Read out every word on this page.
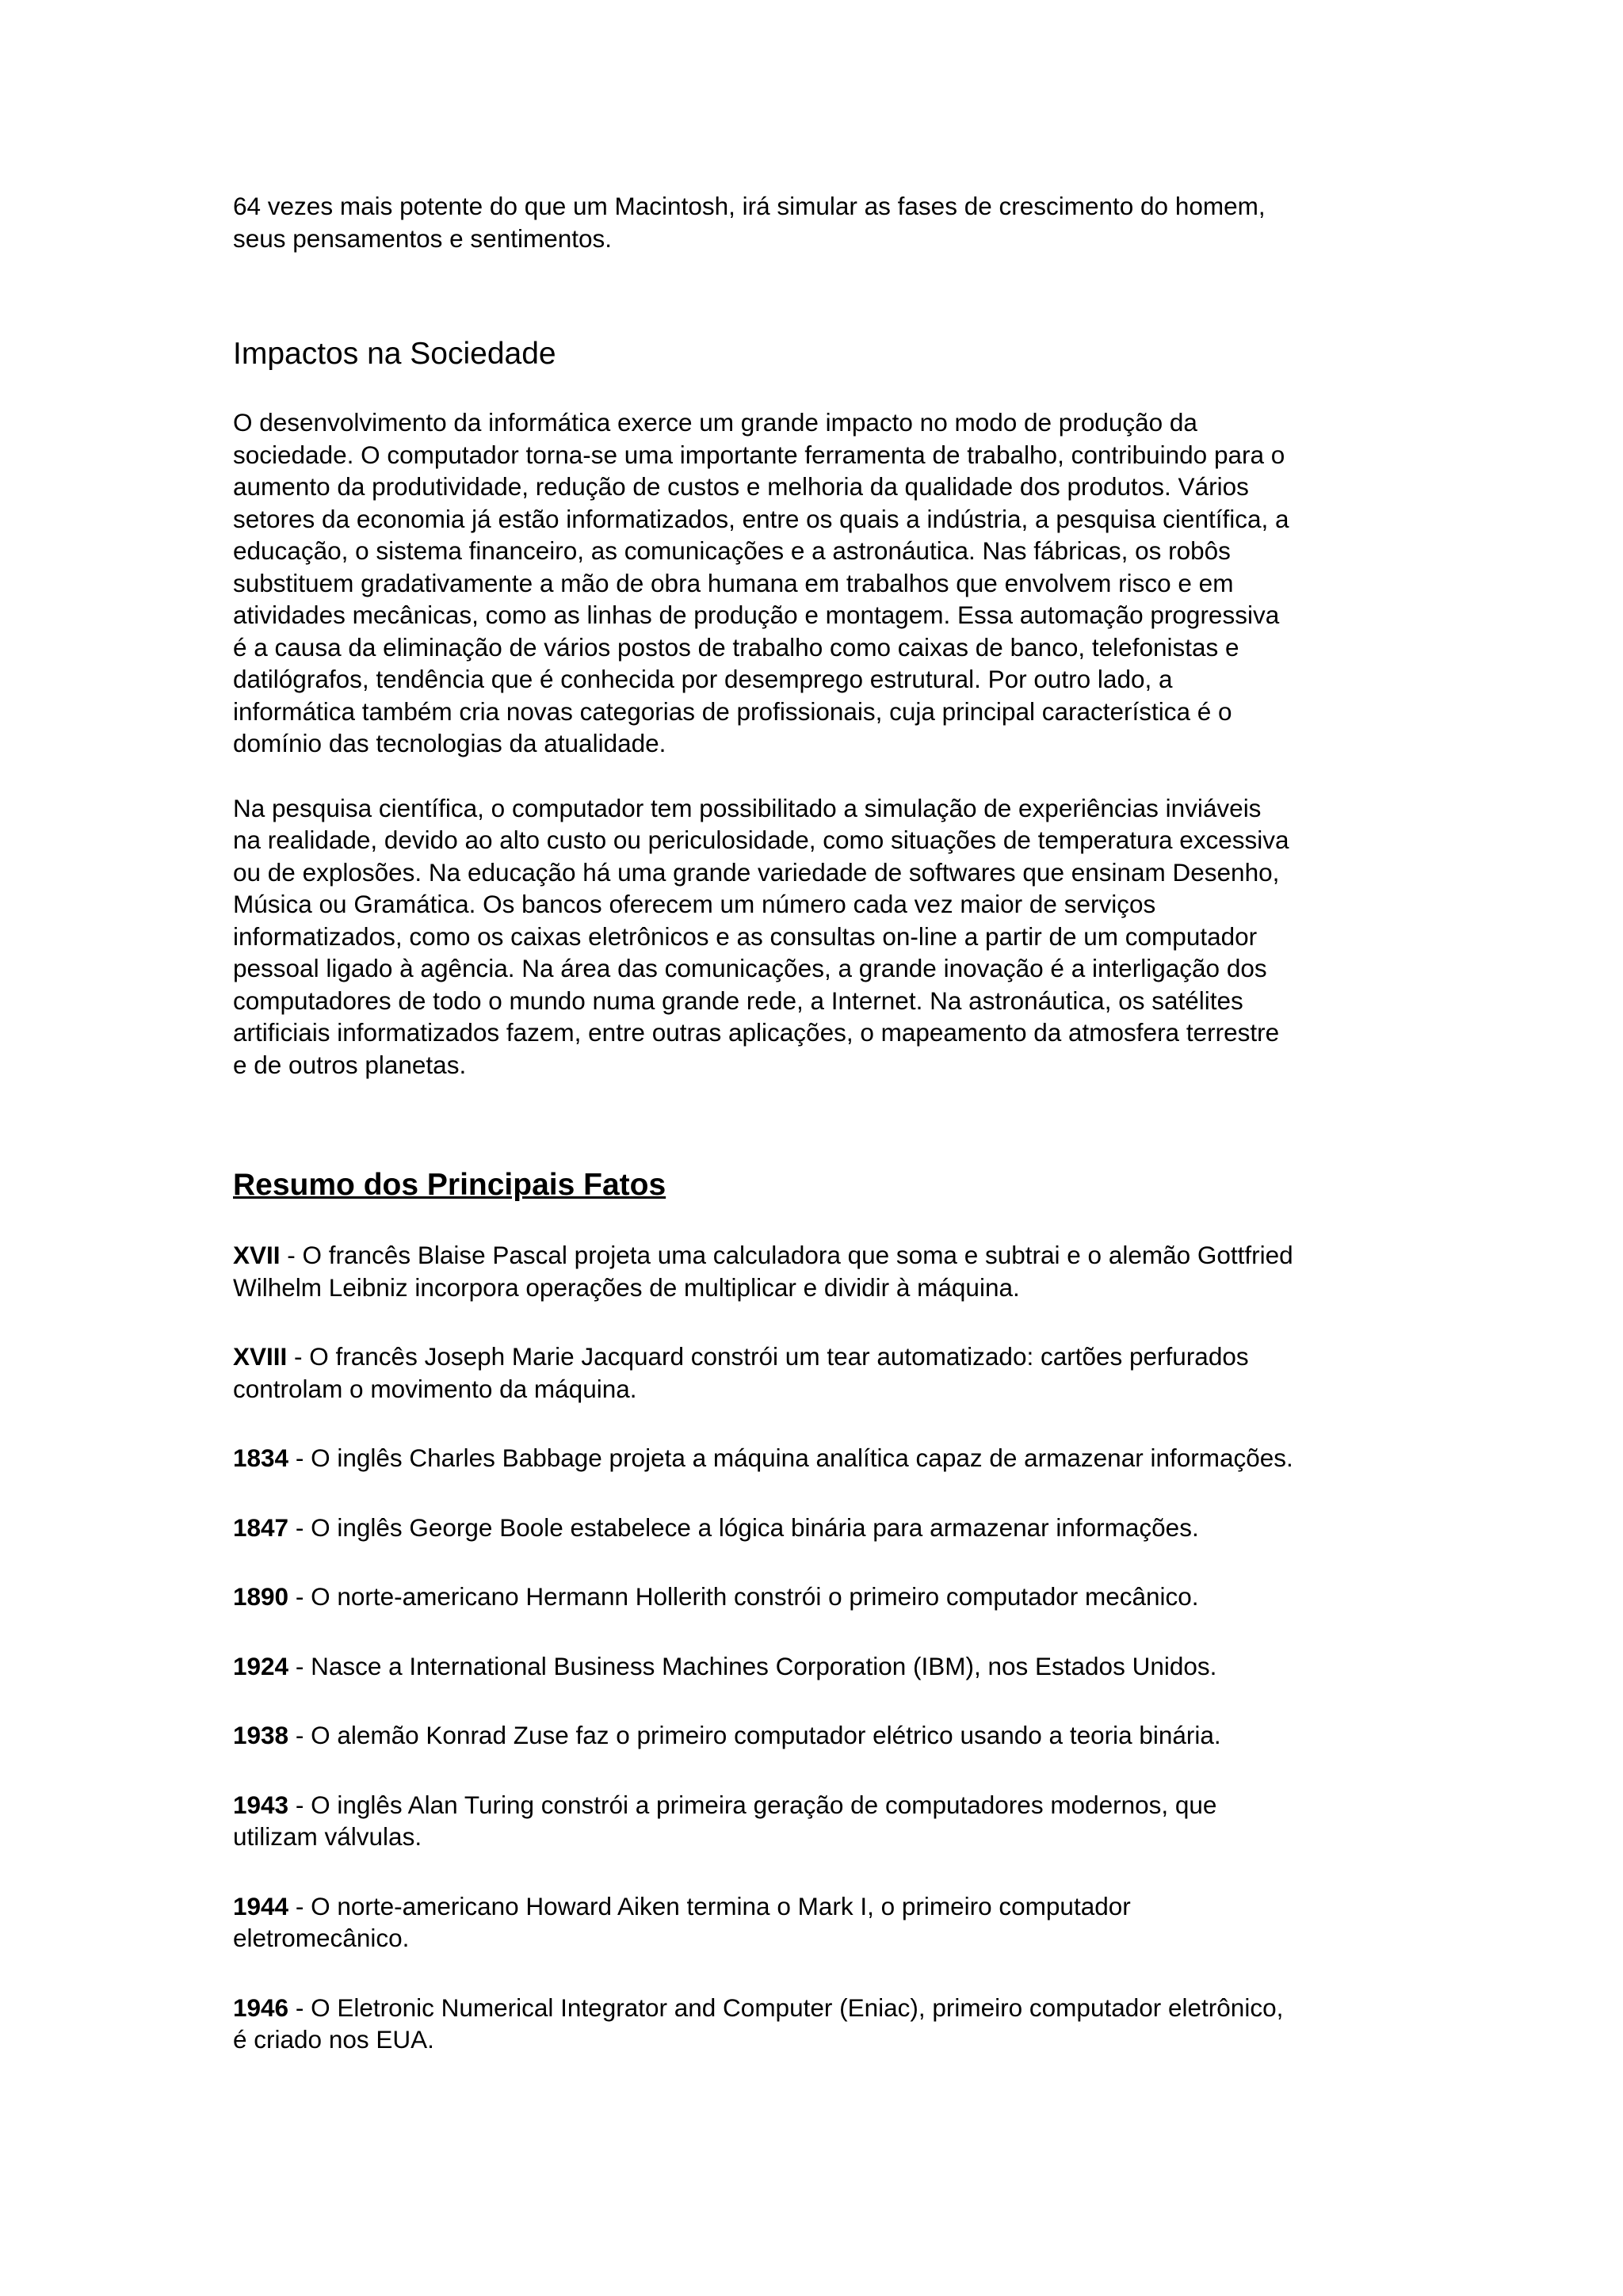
64 vezes mais potente do que um Macintosh, irá simular as fases de crescimento do homem,
seus pensamentos e sentimentos.

Impactos na Sociedade

O desenvolvimento da informática exerce um grande impacto no modo de produção da
sociedade. O computador torna-se uma importante ferramenta de trabalho, contribuindo para o
aumento da produtividade, redução de custos e melhoria da qualidade dos produtos. Vários
setores da economia já estão informatizados, entre os quais a indústria, a pesquisa científica, a
educação, o sistema financeiro, as comunicações e a astronáutica. Nas fábricas, os robôs
substituem gradativamente a mão de obra humana em trabalhos que envolvem risco e em
atividades mecânicas, como as linhas de produção e montagem. Essa automação progressiva
é a causa da eliminação de vários postos de trabalho como caixas de banco, telefonistas e
datilógrafos, tendência que é conhecida por desemprego estrutural. Por outro lado, a
informática também cria novas categorias de profissionais, cuja principal característica é o
domínio das tecnologias da atualidade.

Na pesquisa científica, o computador tem possibilitado a simulação de experiências inviáveis
na realidade, devido ao alto custo ou periculosidade, como situações de temperatura excessiva
ou de explosões. Na educação há uma grande variedade de softwares que ensinam Desenho,
Música ou Gramática. Os bancos oferecem um número cada vez maior de serviços
informatizados, como os caixas eletrônicos e as consultas on-line a partir de um computador
pessoal ligado à agência. Na área das comunicações, a grande inovação é a interligação dos
computadores de todo o mundo numa grande rede, a Internet. Na astronáutica, os satélites
artificiais informatizados fazem, entre outras aplicações, o mapeamento da atmosfera terrestre
e de outros planetas.

Resumo dos Principais Fatos

XVII - O francês Blaise Pascal projeta uma calculadora que soma e subtrai e o alemão Gottfried
Wilhelm Leibniz incorpora operações de multiplicar e dividir à máquina.

XVIII - O francês Joseph Marie Jacquard constrói um tear automatizado: cartões perfurados
controlam o movimento da máquina.

1834 - O inglês Charles Babbage projeta a máquina analítica capaz de armazenar informações.

1847 - O inglês George Boole estabelece a lógica binária para armazenar informações.

1890 - O norte-americano Hermann Hollerith constrói o primeiro computador mecânico.

1924 - Nasce a International Business Machines Corporation (IBM), nos Estados Unidos.

1938 - O alemão Konrad Zuse faz o primeiro computador elétrico usando a teoria binária.

1943 - O inglês Alan Turing constrói a primeira geração de computadores modernos, que
utilizam válvulas.

1944 - O norte-americano Howard Aiken termina o Mark I, o primeiro computador
eletromecânico.

1946 - O Eletronic Numerical Integrator and Computer (Eniac), primeiro computador eletrônico,
é criado nos EUA.
